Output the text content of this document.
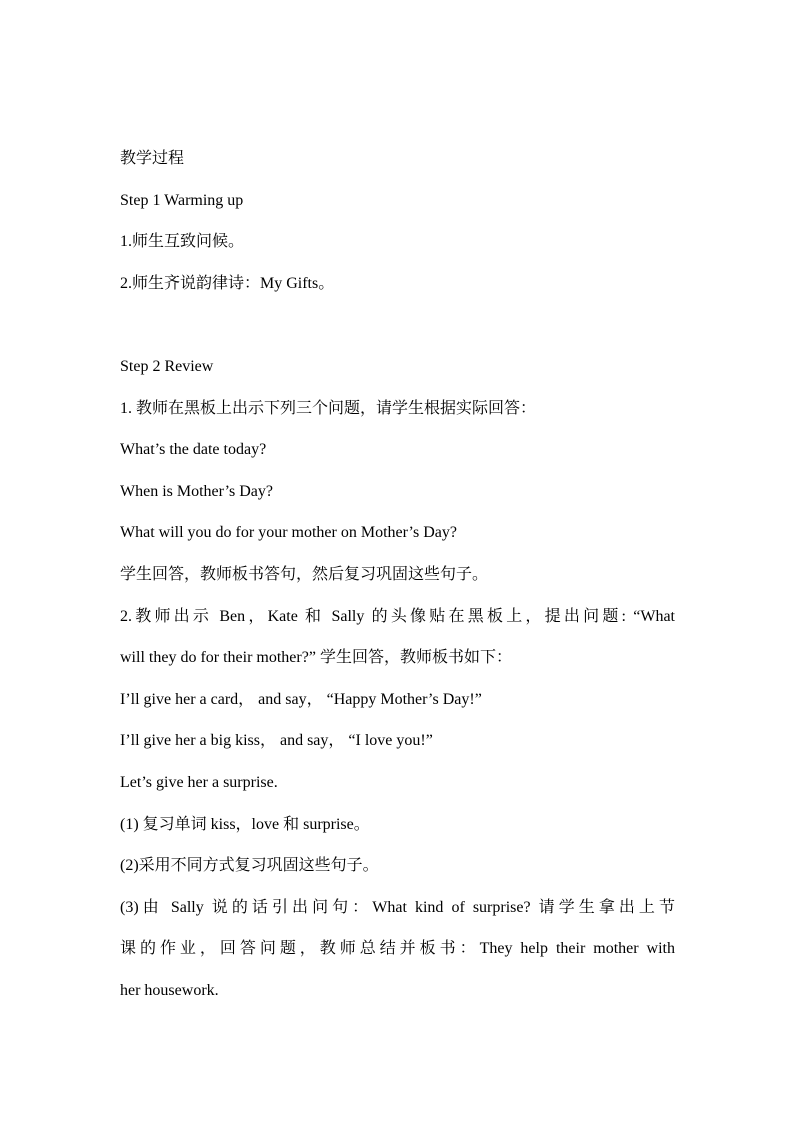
教学过程
Step 1 Warming up
1.师生互致问候。
2.师生齐说韵律诗：My Gifts。
Step 2 Review
1. 教师在黑板上出示下列三个问题，请学生根据实际回答：
What’s the date today?
When is Mother’s Day?
What will you do for your mother on Mother’s Day?
学生回答，教师板书答句，然后复习巩固这些句子。
2.教师出示 Ben，Kate 和 Sally 的头像贴在黑板上，提出问题: “What
will they do for their mother?” 学生回答，教师板书如下：
I’ll give her a card， and say， “Happy Mother’s Day!”
I’ll give her a big kiss， and say， “I love you!”
Let’s give her a surprise.
(1) 复习单词 kiss，love 和 surprise。
(2)采用不同方式复习巩固这些句子。
(3)由 Sally 说的话引出问句：What kind of surprise? 请学生拿出上节
课的作业，回答问题，教师总结并板书：They help their mother with
her housework.
